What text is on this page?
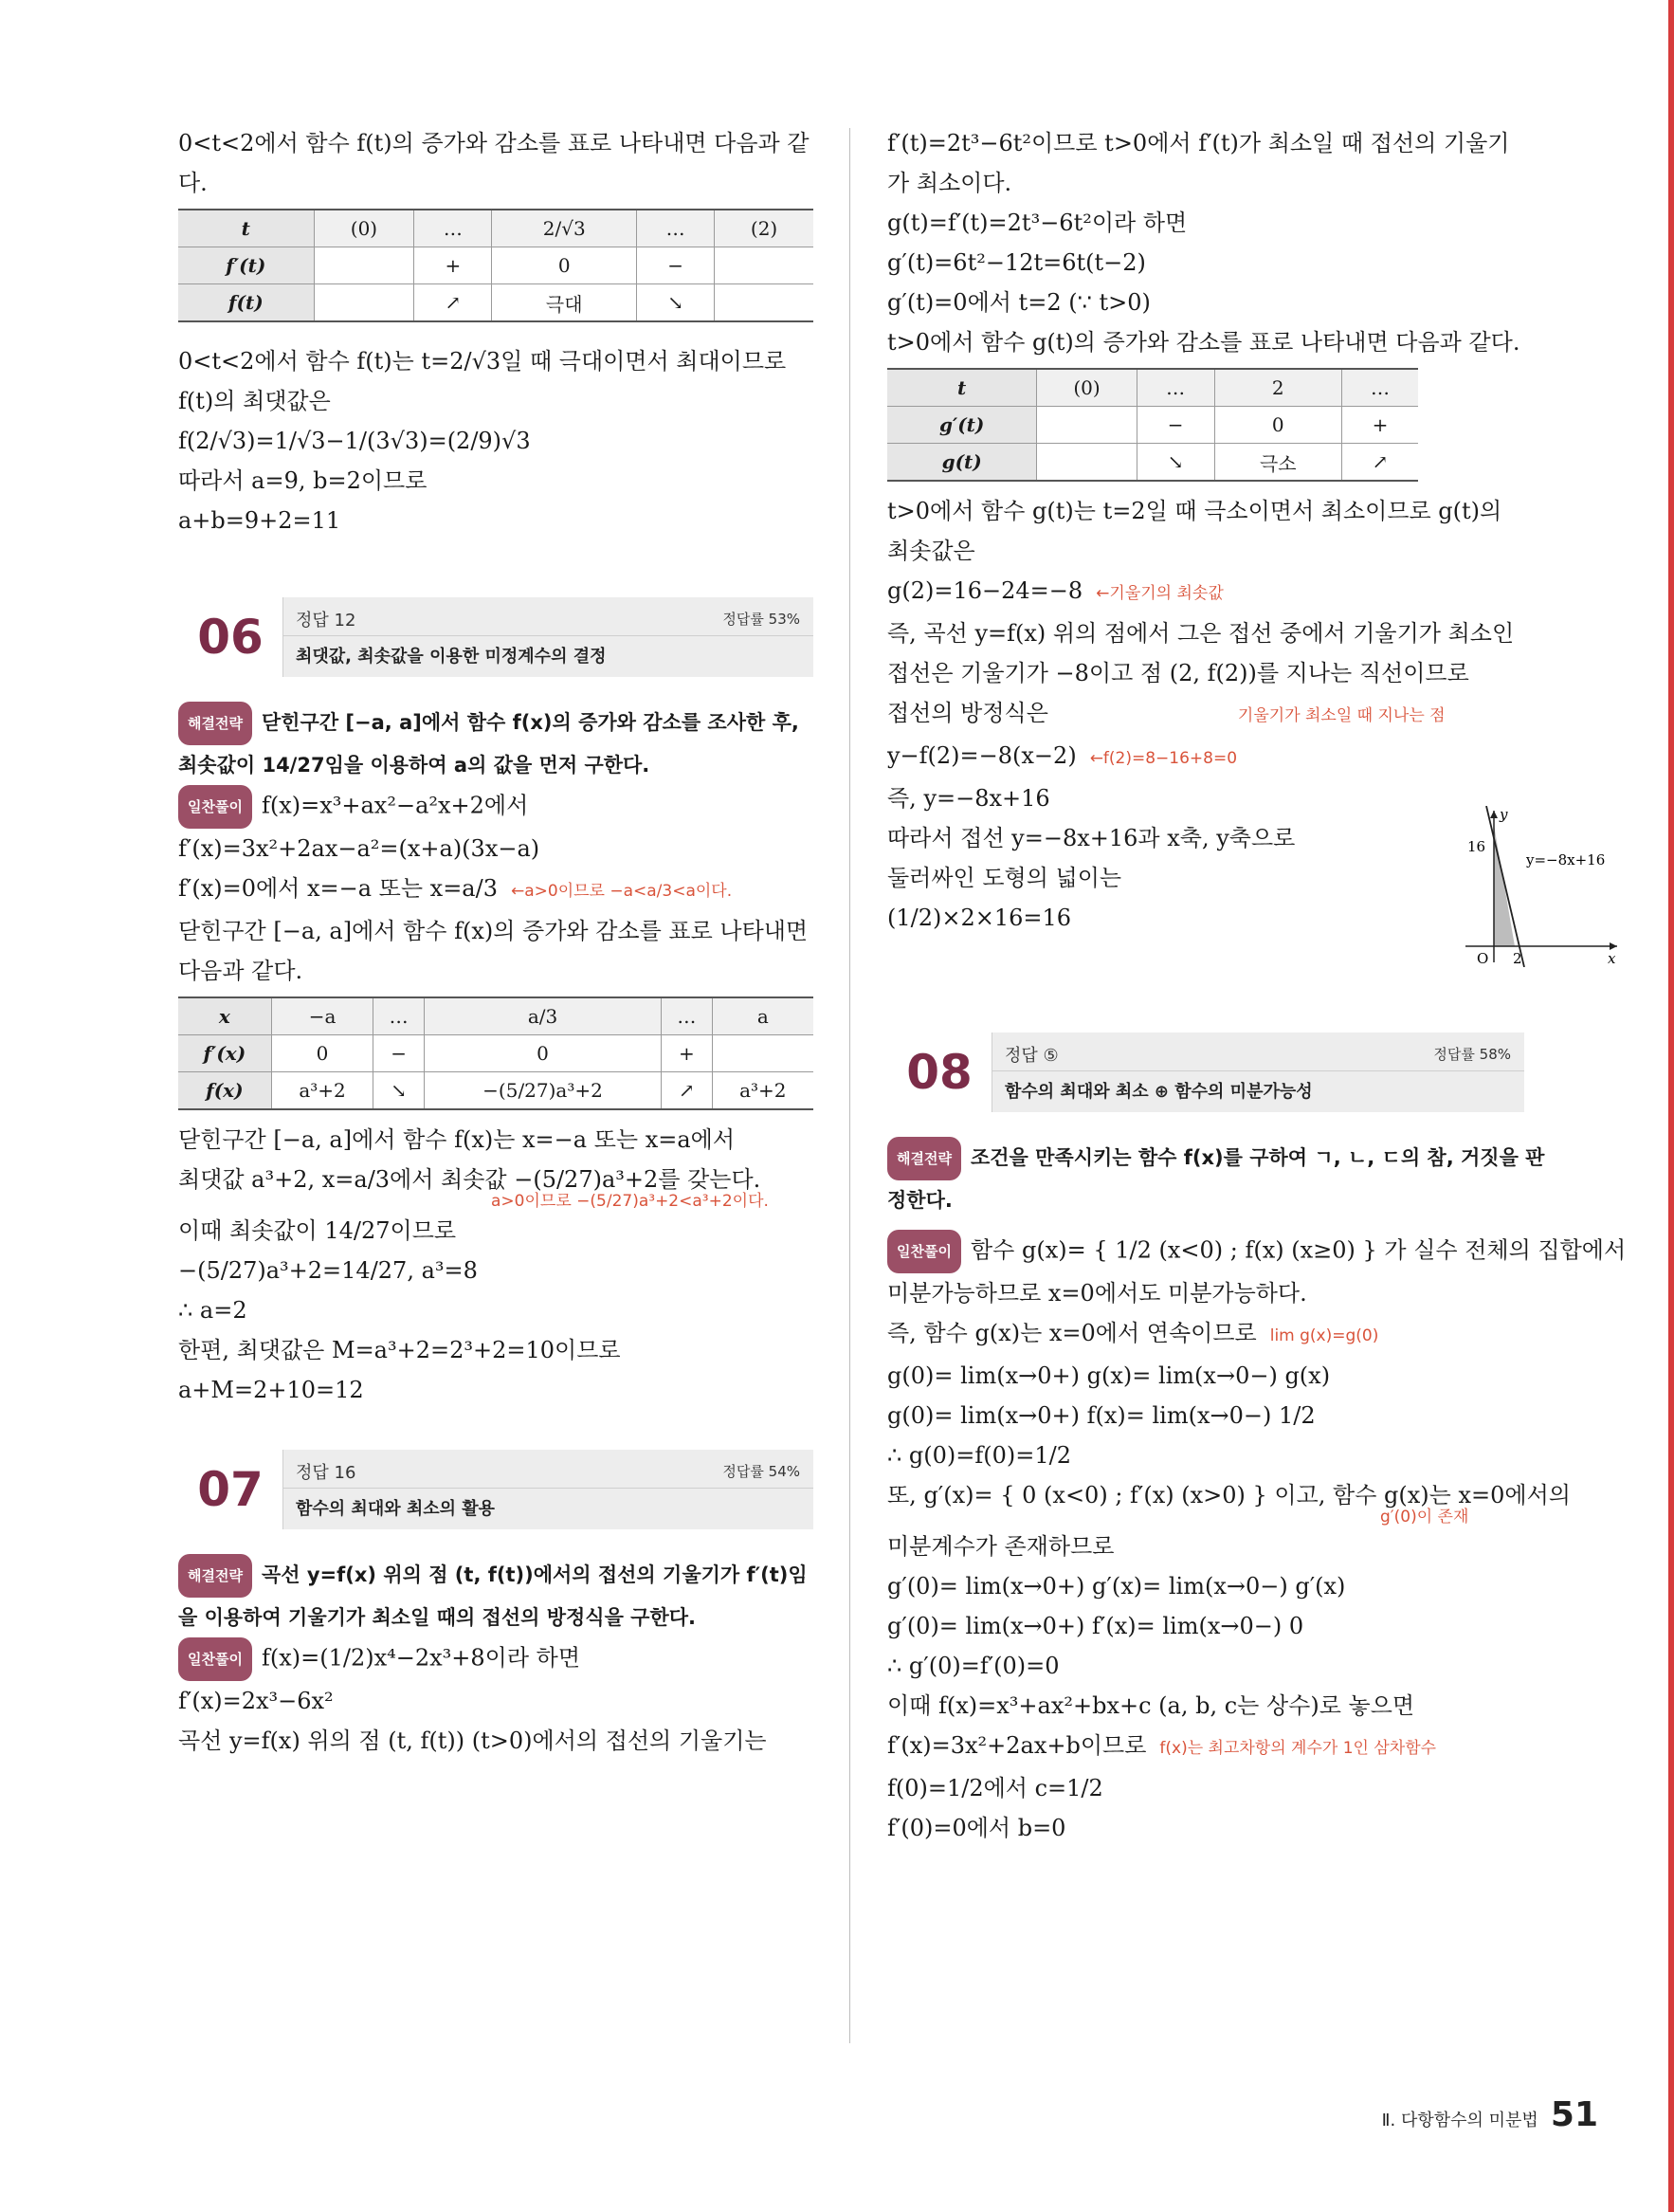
0<t<2에서 함수 f(t)의 증가와 감소를 표로 나타내면 다음과 같
다.
t	(0)	…	2/√3	…	(2)
f′(t)		+	0	−	
f(t)		↗	극대	↘	
0<t<2에서 함수 f(t)는 t=2/√3일 때 극대이면서 최대이므로
f(t)의 최댓값은
f(2/√3)=1/√3−1/(3√3)=(2/9)√3
따라서 a=9, b=2이므로
a+b=9+2=11
06	정답 12	정답률 53%
최댓값, 최솟값을 이용한 미정계수의 결정
해결전략 닫힌구간 [−a, a]에서 함수 f(x)의 증가와 감소를 조사한 후,
최솟값이 14/27임을 이용하여 a의 값을 먼저 구한다.
일찬풀이 f(x)=x³+ax²−a²x+2에서
f′(x)=3x²+2ax−a²=(x+a)(3x−a)
f′(x)=0에서 x=−a 또는 x=a/3 ←a>0이므로 −a<a/3<a이다.
닫힌구간 [−a, a]에서 함수 f(x)의 증가와 감소를 표로 나타내면
다음과 같다.
x	−a	…	a/3	…	a
f′(x)	0	−	0	+	
f(x)	a³+2	↘	−(5/27)a³+2	↗	a³+2
닫힌구간 [−a, a]에서 함수 f(x)는 x=−a 또는 x=a에서
최댓값 a³+2, x=a/3에서 최솟값 −(5/27)a³+2를 갖는다.
a>0이므로 −(5/27)a³+2<a³+2이다.
이때 최솟값이 14/27이므로
−(5/27)a³+2=14/27, a³=8
∴ a=2
한편, 최댓값은 M=a³+2=2³+2=10이므로
a+M=2+10=12
07	정답 16	정답률 54%
함수의 최대와 최소의 활용
해결전략 곡선 y=f(x) 위의 점 (t, f(t))에서의 접선의 기울기가 f′(t)임
을 이용하여 기울기가 최소일 때의 접선의 방정식을 구한다.
일찬풀이 f(x)=(1/2)x⁴−2x³+8이라 하면
f′(x)=2x³−6x²
곡선 y=f(x) 위의 점 (t, f(t)) (t>0)에서의 접선의 기울기는
f′(t)=2t³−6t²이므로 t>0에서 f′(t)가 최소일 때 접선의 기울기
가 최소이다.
g(t)=f′(t)=2t³−6t²이라 하면
g′(t)=6t²−12t=6t(t−2)
g′(t)=0에서 t=2 (∵ t>0)
t>0에서 함수 g(t)의 증가와 감소를 표로 나타내면 다음과 같다.
t	(0)	…	2	…
g′(t)		−	0	+
g(t)		↘	극소	↗
t>0에서 함수 g(t)는 t=2일 때 극소이면서 최소이므로 g(t)의
최솟값은
g(2)=16−24=−8 ←기울기의 최솟값
즉, 곡선 y=f(x) 위의 점에서 그은 접선 중에서 기울기가 최소인
접선은 기울기가 −8이고 점 (2, f(2))를 지나는 직선이므로
접선의 방정식은	기울기가 최소일 때 지나는 점
y−f(2)=−8(x−2) ←f(2)=8−16+8=0
즉, y=−8x+16
따라서 접선 y=−8x+16과 x축, y축으로
둘러싸인 도형의 넓이는
(1/2)×2×16=16
08	정답 ⑤	정답률 58%
함수의 최대와 최소 ⊕ 함수의 미분가능성
해결전략 조건을 만족시키는 함수 f(x)를 구하여 ㄱ, ㄴ, ㄷ의 참, 거짓을 판
정한다.
일찬풀이 함수 g(x)= { 1/2 (x<0) ; f(x) (x≥0) } 가 실수 전체의 집합에서
미분가능하므로 x=0에서도 미분가능하다.
즉, 함수 g(x)는 x=0에서 연속이므로 lim g(x)=g(0)
g(0)= lim(x→0+) g(x)= lim(x→0−) g(x)
g(0)= lim(x→0+) f(x)= lim(x→0−) 1/2
∴ g(0)=f(0)=1/2
또, g′(x)= { 0 (x<0) ; f′(x) (x>0) } 이고, 함수 g(x)는 x=0에서의
g′(0)이 존재
미분계수가 존재하므로
g′(0)= lim(x→0+) g′(x)= lim(x→0−) g′(x)
g′(0)= lim(x→0+) f′(x)= lim(x→0−) 0
∴ g′(0)=f′(0)=0
이때 f(x)=x³+ax²+bx+c (a, b, c는 상수)로 놓으면
f′(x)=3x²+2ax+b이므로 f(x)는 최고차항의 계수가 1인 삼차함수
f(0)=1/2에서 c=1/2
f′(0)=0에서 b=0
y
x
O 2
16
y=−8x+16
Ⅱ. 다항함수의 미분법 51
